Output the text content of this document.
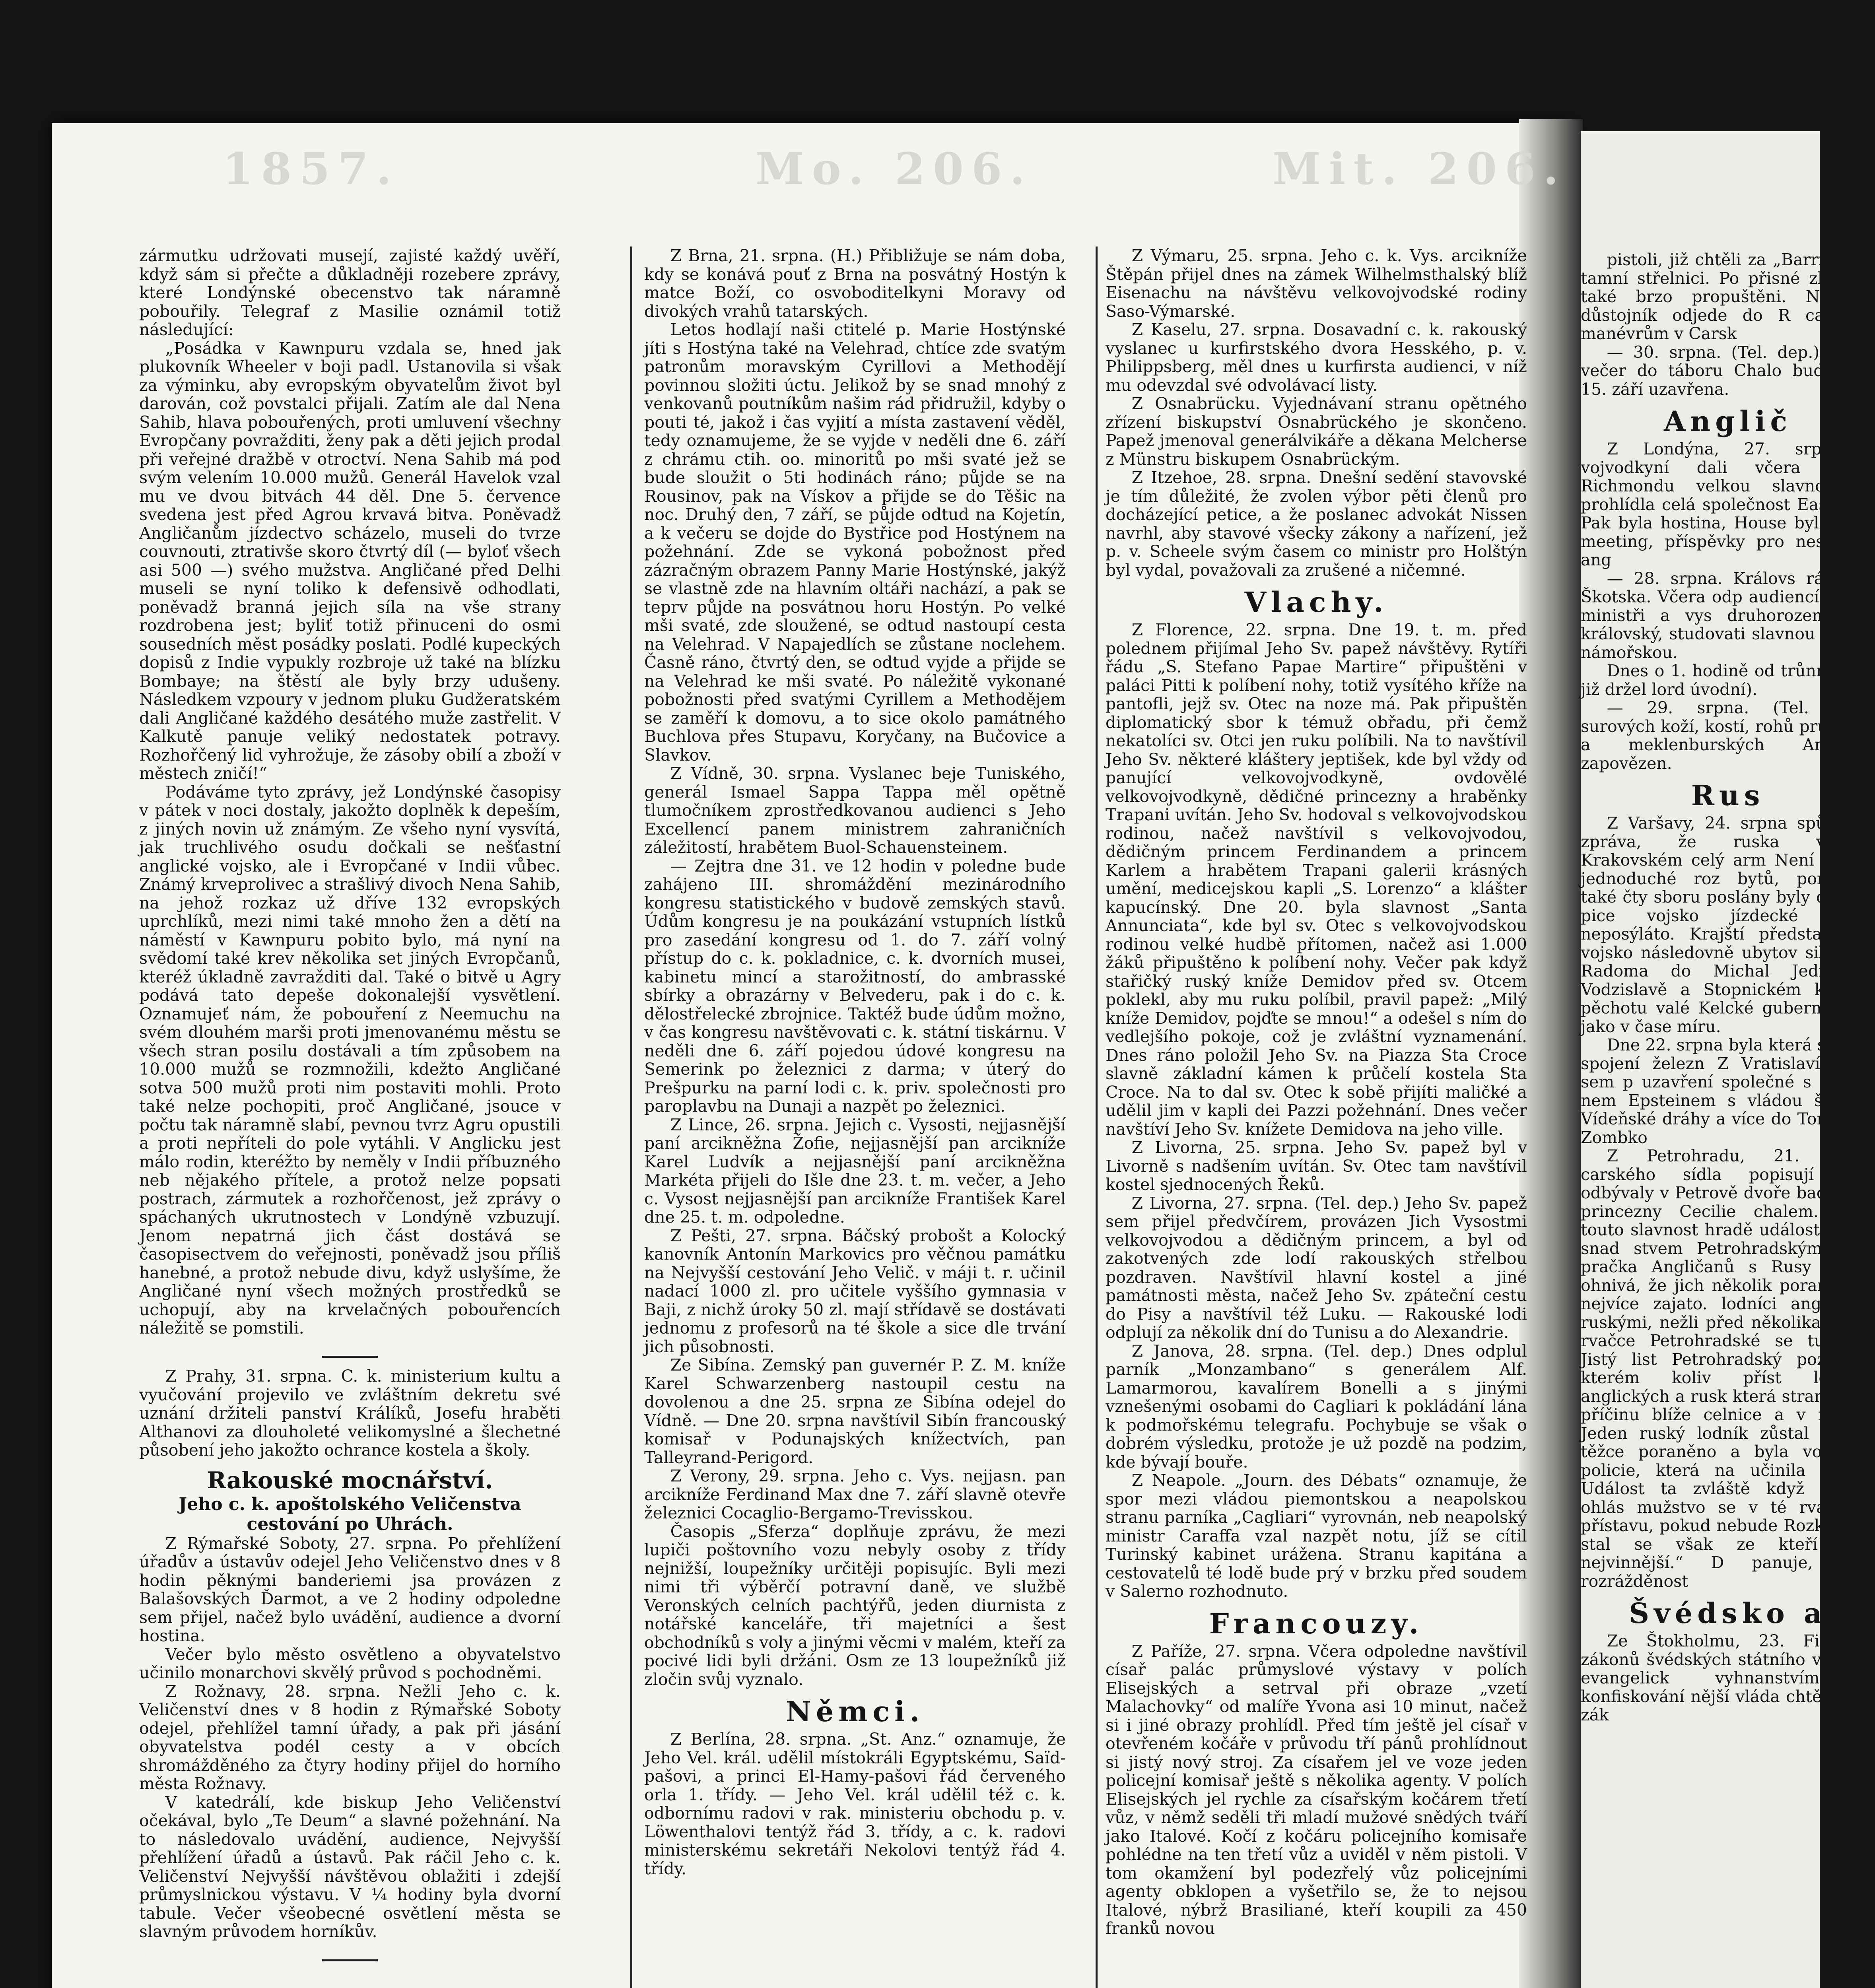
pistoli, již chtěli za „Barrière“ v tamní střelnici. Po přisné zkoušce také brzo propuštěni. Nejvyšší důstojník odjede do R carským manévrům v Carsk

— 30. srpna. (Tel. dep.) včera večer do táboru Chalo bude dne 15. září uzavřena.

Anglič

Z Londýna, 27. srpna s vojvodkyní dali včera k v Richmondu velkou slavnost si prohlídla celá společnost Eastern.“ Pak byla hostina, House byl veliký meeting, příspěvky pro nesfastné ang

— 28. srpna. Královs ráno do Škotska. Včera odp audiencí mnozí ministři a vys druhorozený syn královský, studovati slavnou službu námořskou.

Dnes o 1. hodině od trůnní řeči, již držel lord úvodní).

— 29. srpna. (Tel. dep.) surových koží, kostí, rohů pruských a meklenburských Angličan zapovězen.

Rus

Z Varšavy, 24. srpna spůsobila zpráva, že ruska vodství Krakovském celý arm Není prý to jednoduché roz bytů, poněvadž také čty sboru poslány byly do kraj pice vojsko jízdecké nikdy neposýláto. Krajští představ aby vojsko následovně ubytov silnice z Radoma do Michal Jedřejova, Vodzislavě a Stopnickém kraji a pěchotu valé Kelcké gubernie. Nu jako v čase míru.

Dne 22. srpna byla která se týče spojení železn Z Vratislaví přišli sem p uzavření společné s Varšav nem Epsteinem s vládou šavsko-Vídeňské dráhy a více do Toruň, ze Zombko

Z Petrohradu, 21. srpna carského sídla popisují obši odbývaly v Petrově dvoře badenské princezny Cecilie chalem. Před touto slavnost hradě událost, která snad stvem Petrohradským větší pračka Angličanů s Rusy v tak ohnivá, že jich několik poraněno a nejvíce zajato. lodníci angličtí s ruskými, nežli před několika lety v rvačce Petrohradské se tu lodí. Jistý list Petrohradský poznal v kterém koliv příst lodníků anglických a rusk která strana dala příčinu blíže celnice a v níž bo Jeden ruský lodník zůstal n tam těžce poraněno a byla vojenská policie, která na učinila konec. Událost ta zvláště když policie ohlás mužstvo se v té rvačce z přístavu, pokud nebude Rozkaz ten stal se však ze kteří jsou nejvinnější.“ D panuje, jaká rozrážděnost

Švédsko a

Ze Štokholmu, 23. Fisských zákonů švédských státního vyznání evangelick vyhnanstvím a konfiskování nější vláda chtěla tyto zák

1857.	Mo. 206.	Mit. 206.

zármutku udržovati musejí, zajisté každý uvěří, když sám si přečte a důkladněji rozebere zprávy, které Londýnské obecenstvo tak náramně pobouřily. Telegraf z Masilie oznámil totiž následující:

„Posádka v Kawnpuru vzdala se, hned jak plukovník Wheeler v boji padl. Ustanovila si však za výminku, aby evropským obyvatelům život byl darován, což povstalci přijali. Zatím ale dal Nena Sahib, hlava pobouřených, proti umluvení všechny Evropčany povražditi, ženy pak a děti jejich prodal při veřejné dražbě v otroctví. Nena Sahib má pod svým velením 10.000 mužů. Generál Havelok vzal mu ve dvou bitvách 44 děl. Dne 5. července svedena jest před Agrou krvavá bitva. Poněvadž Angličanům jízdectvo scházelo, museli do tvrze couvnouti, ztrativše skoro čtvrtý díl (— byloť všech asi 500 —) svého mužstva. Angličané před Delhi museli se nyní toliko k defensivě odhodlati, poněvadž branná jejich síla na vše strany rozdrobena jest; byliť totiž přinuceni do osmi sousedních měst posádky poslati. Podlé kupeckých dopisů z Indie vypukly rozbroje už také na blízku Bombaye; na štěstí ale byly brzy udušeny. Následkem vzpoury v jednom pluku Gudžeratském dali Angličané každého desátého muže zastřelit. V Kalkutě panuje veliký nedostatek potravy. Rozhořčený lid vyhrožuje, že zásoby obilí a zboží v městech zničí!“

Podáváme tyto zprávy, jež Londýnské časopisy v pátek v noci dostaly, jakožto doplněk k depeším, z jiných novin už známým. Ze všeho nyní vysvítá, jak truchlivého osudu dočkali se nešťastní anglické vojsko, ale i Evropčané v Indii vůbec. Známý krveprolivec a strašlivý divoch Nena Sahib, na jehož rozkaz už dříve 132 evropských uprchlíků, mezi nimi také mnoho žen a dětí na náměstí v Kawnpuru pobito bylo, má nyní na svědomí také krev několika set jiných Evropčanů, kteréž úkladně zavražditi dal. Také o bitvě u Agry podává tato depeše dokonalejší vysvětlení. Oznamujeť nám, že pobouření z Neemuchu na svém dlouhém marši proti jmenovanému městu se všech stran posilu dostávali a tím způsobem na 10.000 mužů se rozmnožili, kdežto Angličané sotva 500 mužů proti nim postaviti mohli. Proto také nelze pochopiti, proč Angličané, jsouce v počtu tak náramně slabí, pevnou tvrz Agru opustili a proti nepříteli do pole vytáhli. V Anglicku jest málo rodin, kteréžto by neměly v Indii příbuzného neb nějakého přítele, a protož nelze popsati postrach, zármutek a rozhořčenost, jež zprávy o spáchaných ukrutnostech v Londýně vzbuzují. Jenom nepatrná jich část dostává se časopisectvem do veřejnosti, poněvadž jsou příliš hanebné, a protož nebude divu, když uslyšíme, že Angličané nyní všech možných prostředků se uchopují, aby na krvelačných pobouřencích náležitě se pomstili.

Z Prahy, 31. srpna. C. k. ministerium kultu a vyučování projevilo ve zvláštním dekretu své uznání držiteli panství Králíků, Josefu hraběti Althanovi za dlouholeté velikomyslné a šlechetné působení jeho jakožto ochrance kostela a školy.

Rakouské mocnářství.

Jeho c. k. apoštolského Veličenstva cestování po Uhrách.

Z Rýmařské Soboty, 27. srpna. Po přehlížení úřadův a ústavův odejel Jeho Veličenstvo dnes v 8 hodin pěknými banderiemi jsa provázen z Balašovských Ďarmot, a ve 2 hodiny odpoledne sem přijel, načež bylo uvádění, audience a dvorní hostina.

Večer bylo město osvětleno a obyvatelstvo učinilo monarchovi skvělý průvod s pochodněmi.

Z Rožnavy, 28. srpna. Nežli Jeho c. k. Veličenství dnes v 8 hodin z Rýmařské Soboty odejel, přehlížel tamní úřady, a pak při jásání obyvatelstva podél cesty a v obcích shromážděného za čtyry hodiny přijel do horního města Rožnavy.

V katedrálí, kde biskup Jeho Veličenství očekával, bylo „Te Deum“ a slavné požehnání. Na to následovalo uvádění, audience, Nejvyšší přehlížení úřadů a ústavů. Pak ráčil Jeho c. k. Veličenství Nejvyšší návštěvou oblažiti i zdejší průmyslnickou výstavu. V ¼ hodiny byla dvorní tabule. Večer všeobecné osvětlení města se slavným průvodem horníkův.

Z Brna, 21. srpna. (H.) Přibližuje se nám doba, kdy se konává pouť z Brna na posvátný Hostýn k matce Boží, co osvoboditelkyni Moravy od divokých vrahů tatarských.

Letos hodlají naši ctitelé p. Marie Hostýnské jíti s Hostýna také na Velehrad, chtíce zde svatým patronům moravským Cyrillovi a Methodějí povinnou složiti úctu. Jelikož by se snad mnohý z venkovanů poutníkům našim rád přidružil, kdyby o pouti té, jakož i čas vyjití a místa zastavení věděl, tedy oznamujeme, že se vyjde v neděli dne 6. září z chrámu ctih. oo. minoritů po mši svaté jež se bude sloužit o 5ti hodinách ráno; půjde se na Rousinov, pak na Vískov a přijde se do Těšic na noc. Druhý den, 7 září, se půjde odtud na Kojetín, a k večeru se dojde do Bystřice pod Hostýnem na požehnání. Zde se vykoná pobožnost před zázračným obrazem Panny Marie Hostýnské, jakýž se vlastně zde na hlavním oltáři nachází, a pak se teprv půjde na posvátnou horu Hostýn. Po velké mši svaté, zde sloužené, se odtud nastoupí cesta na Velehrad. V Napajedlích se zůstane noclehem. Časně ráno, čtvrtý den, se odtud vyjde a přijde se na Velehrad ke mši svaté. Po náležitě vykonané pobožnosti před svatými Cyrillem a Methodějem se zaměří k domovu, a to sice okolo památného Buchlova přes Stupavu, Koryčany, na Bučovice a Slavkov.

Z Vídně, 30. srpna. Vyslanec beje Tuniského, generál Ismael Sappa Tappa měl opětně tlumočníkem zprostředkovanou audienci s Jeho Excellencí panem ministrem zahraničních záležitostí, hrabětem Buol-Schauensteinem.

— Zejtra dne 31. ve 12 hodin v poledne bude zahájeno III. shromáždění mezinárodního kongresu statistického v budově zemských stavů. Údům kongresu je na poukázání vstupních lístků pro zasedání kongresu od 1. do 7. září volný přístup do c. k. pokladnice, c. k. dvorních musei, kabinetu mincí a starožitností, do ambrasské sbírky a obrazárny v Belvederu, pak i do c. k. dělostřelecké zbrojnice. Taktéž bude údům možno, v čas kongresu navštěvovati c. k. státní tiskárnu. V neděli dne 6. září pojedou údové kongresu na Semerink po železnici z darma; v úterý do Prešpurku na parní lodi c. k. priv. společnosti pro paroplavbu na Dunaji a nazpět po železnici.

Z Lince, 26. srpna. Jejich c. Vysosti, nejjasnější paní arcikněžna Žofie, nejjasnější pan arcikníže Karel Ludvík a nejjasnější paní arcikněžna Markéta přijeli do Išle dne 23. t. m. večer, a Jeho c. Vysost nejjasnější pan arcikníže František Karel dne 25. t. m. odpoledne.

Z Pešti, 27. srpna. Báčský probošt a Kolocký kanovník Antonín Markovics pro věčnou památku na Nejvyšší cestování Jeho Velič. v máji t. r. učinil nadací 1000 zl. pro učitele vyššího gymnasia v Baji, z nichž úroky 50 zl. mají střídavě se dostávati jednomu z profesorů na té škole a sice dle trvání jich působnosti.

Ze Sibína. Zemský pan guvernér P. Z. M. kníže Karel Schwarzenberg nastoupil cestu na dovolenou a dne 25. srpna ze Sibína odejel do Vídně. — Dne 20. srpna navštívil Sibín francouský komisař v Podunajských knížectvích, pan Talleyrand-Perigord.

Z Verony, 29. srpna. Jeho c. Vys. nejjasn. pan arcikníže Ferdinand Max dne 7. září slavně otevře železnici Cocaglio-Bergamo-Trevisskou.

Časopis „Sferza“ doplňuje zprávu, že mezi lupiči poštovního vozu nebyly osoby z třídy nejnižší, loupežníky určitěji popisujíc. Byli mezi nimi tři výběrčí potravní daně, ve službě Veronských celních pachtýřů, jeden diurnista z notářské kanceláře, tři majetníci a šest obchodníků s voly a jinými věcmi v malém, kteří za pocivé lidi byli držáni. Osm ze 13 loupežníků již zločin svůj vyznalo.

Němci.

Z Berlína, 28. srpna. „St. Anz.“ oznamuje, že Jeho Vel. král. udělil místokráli Egyptskému, Saïd-pašovi, a princi El-Hamy-pašovi řád červeného orla 1. třídy. — Jeho Vel. král udělil též c. k. odbornímu radovi v rak. ministeriu obchodu p. v. Löwenthalovi tentýž řád 3. třídy, a c. k. radovi ministerskému sekretáři Nekolovi tentýž řád 4. třídy.

Z Výmaru, 25. srpna. Jeho c. k. Vys. arcikníže Štěpán přijel dnes na zámek Wilhelmsthalský blíž Eisenachu na návštěvu velkovojvodské rodiny Saso-Výmarské.

Z Kaselu, 27. srpna. Dosavadní c. k. rakouský vyslanec u kurfirstského dvora Hesského, p. v. Philippsberg, měl dnes u kurfirsta audienci, v níž mu odevzdal své odvolávací listy.

Z Osnabrücku. Vyjednávaní stranu opětného zřízení biskupství Osnabrückého je skončeno. Papež jmenoval generálvikáře a děkana Melcherse z Münstru biskupem Osnabrückým.

Z Itzehoe, 28. srpna. Dnešní sedění stavovské je tím důležité, že zvolen výbor pěti členů pro docházející petice, a že poslanec advokát Nissen navrhl, aby stavové všecky zákony a nařízení, jež p. v. Scheele svým časem co ministr pro Holštýn byl vydal, považovali za zrušené a ničemné.

Vlachy.

Z Florence, 22. srpna. Dne 19. t. m. před polednem přijímal Jeho Sv. papež návštěvy. Rytíři řádu „S. Stefano Papae Martire“ připuštěni v paláci Pitti k políbení nohy, totiž vysítého kříže na pantofli, jejž sv. Otec na noze má. Pak připuštěn diplomatický sbor k témuž obřadu, při čemž nekatolíci sv. Otci jen ruku políbili. Na to navštívil Jeho Sv. některé kláštery jeptišek, kde byl vždy od panující velkovojvodkyně, ovdovělé velkovojvodkyně, dědičné princezny a hraběnky Trapani uvítán. Jeho Sv. hodoval s velkovojvodskou rodinou, načež navštívil s velkovojvodou, dědičným princem Ferdinandem a princem Karlem a hrabětem Trapani galerii krásných umění, medicejskou kapli „S. Lorenzo“ a klášter kapucínský. Dne 20. byla slavnost „Santa Annunciata“, kde byl sv. Otec s velkovojvodskou rodinou velké hudbě přítomen, načež asi 1.000 žáků připuštěno k políbení nohy. Večer pak když stařičký ruský kníže Demidov před sv. Otcem poklekl, aby mu ruku políbil, pravil papež: „Milý kníže Demidov, pojďte se mnou!“ a odešel s ním do vedlejšího pokoje, což je zvláštní vyznamenání. Dnes ráno položil Jeho Sv. na Piazza Sta Croce slavně základní kámen k průčelí kostela Sta Croce. Na to dal sv. Otec k sobě přijíti maličké a udělil jim v kapli dei Pazzi požehnání. Dnes večer navštíví Jeho Sv. knížete Demidova na jeho ville.

Z Livorna, 25. srpna. Jeho Sv. papež byl v Livorně s nadšením uvítán. Sv. Otec tam navštívil kostel sjednocených Řeků.

Z Livorna, 27. srpna. (Tel. dep.) Jeho Sv. papež sem přijel předvčírem, provázen Jich Vysostmi velkovojvodou a dědičným princem, a byl od zakotvených zde lodí rakouských střelbou pozdraven. Navštívil hlavní kostel a jiné památnosti města, načež Jeho Sv. zpáteční cestu do Pisy a navštívil též Luku. — Rakouské lodi odplují za několik dní do Tunisu a do Alexandrie.

Z Janova, 28. srpna. (Tel. dep.) Dnes odplul parník „Monzambano“ s generálem Alf. Lamarmorou, kavalírem Bonelli a s jinými vznešenými osobami do Cagliari k pokládání lána k podmořskému telegrafu. Pochybuje se však o dobrém výsledku, protože je už pozdě na podzim, kde bývají bouře.

Z Neapole. „Journ. des Débats“ oznamuje, že spor mezi vládou piemontskou a neapolskou stranu parníka „Cagliari“ vyrovnán, neb neapolský ministr Caraffa vzal nazpět notu, jíž se cítil Turinský kabinet urážena. Stranu kapitána a cestovatelů té lodě bude prý v brzku před soudem v Salerno rozhodnuto.

Francouzy.

Z Paříže, 27. srpna. Včera odpoledne navštívil císař palác průmyslové výstavy v polích Elisejských a setrval při obraze „vzetí Malachovky“ od malíře Yvona asi 10 minut, načež si i jiné obrazy prohlídl. Před tím ještě jel císař v otevřeném kočáře v průvodu tří pánů prohlídnout si jistý nový stroj. Za císařem jel ve voze jeden policejní komisař ještě s několika agenty. V polích Elisejských jel rychle za císařským kočárem třetí vůz, v němž seděli tři mladí mužové snědých tváří jako Italové. Kočí z kočáru policejního komisaře pohlédne na ten třetí vůz a uviděl v něm pistoli. V tom okamžení byl podezřelý vůz policejními agenty obklopen a vyšetřilo se, že to nejsou Italové, nýbrž Brasiliané, kteří koupili za 450 franků novou
